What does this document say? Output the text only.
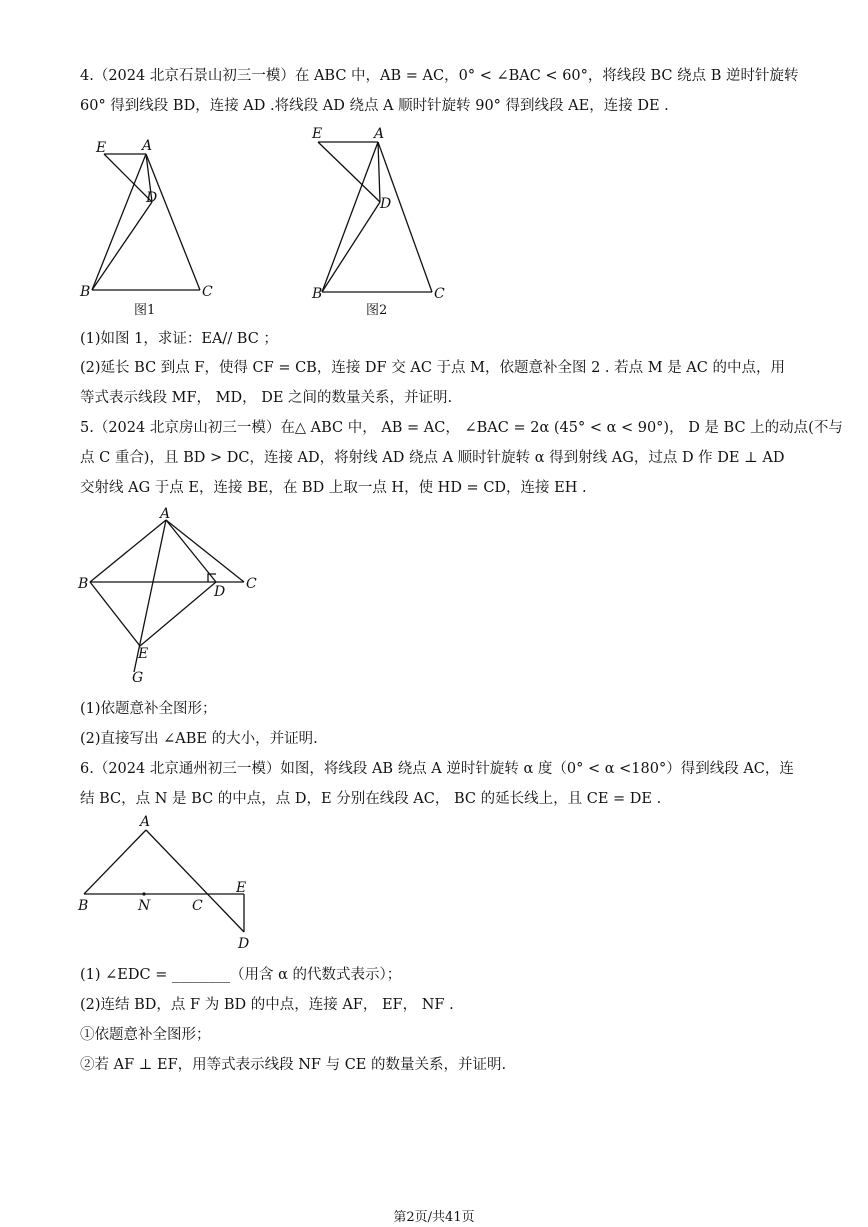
4.（2024 北京石景山初三一模）在 ABC 中，AB = AC，0° < ∠BAC < 60°，将线段 BC 绕点 B 逆时针旋转
60° 得到线段 BD，连接 AD .将线段 AD 绕点 A 顺时针旋转 90° 得到线段 AE，连接 DE .
E	A
D
B	C
图1
E	A
D
B	C
图2
(1)如图 1，求证：EA// BC ；
(2)延长 BC 到点 F，使得 CF = CB，连接 DF 交 AC 于点 M，依题意补全图 2 . 若点 M 是 AC 的中点，用
等式表示线段 MF， MD， DE 之间的数量关系，并证明.
5.（2024 北京房山初三一模）在△ ABC 中， AB = AC， ∠BAC = 2α (45° < α < 90°)， D 是 BC 上的动点(不与
点 C 重合)，且 BD > DC，连接 AD，将射线 AD 绕点 A 顺时针旋转 α 得到射线 AG，过点 D 作 DE ⊥ AD
交射线 AG 于点 E，连接 BE，在 BD 上取一点 H，使 HD = CD，连接 EH .
A
B	C
D
E
G
(1)依题意补全图形；
(2)直接写出 ∠ABE 的大小，并证明.
6.（2024 北京通州初三一模）如图，将线段 AB 绕点 A 逆时针旋转 α 度（0° < α <180°）得到线段 AC，连
结 BC，点 N 是 BC 的中点，点 D，E 分别在线段 AC， BC 的延长线上，且 CE = DE .
A
B	N	C
E
D
(1) ∠EDC = ________（用含 α 的代数式表示）；
(2)连结 BD，点 F 为 BD 的中点，连接 AF， EF， NF .
①依题意补全图形；
②若 AF ⊥ EF，用等式表示线段 NF 与 CE 的数量关系，并证明.
第2页/共41页
